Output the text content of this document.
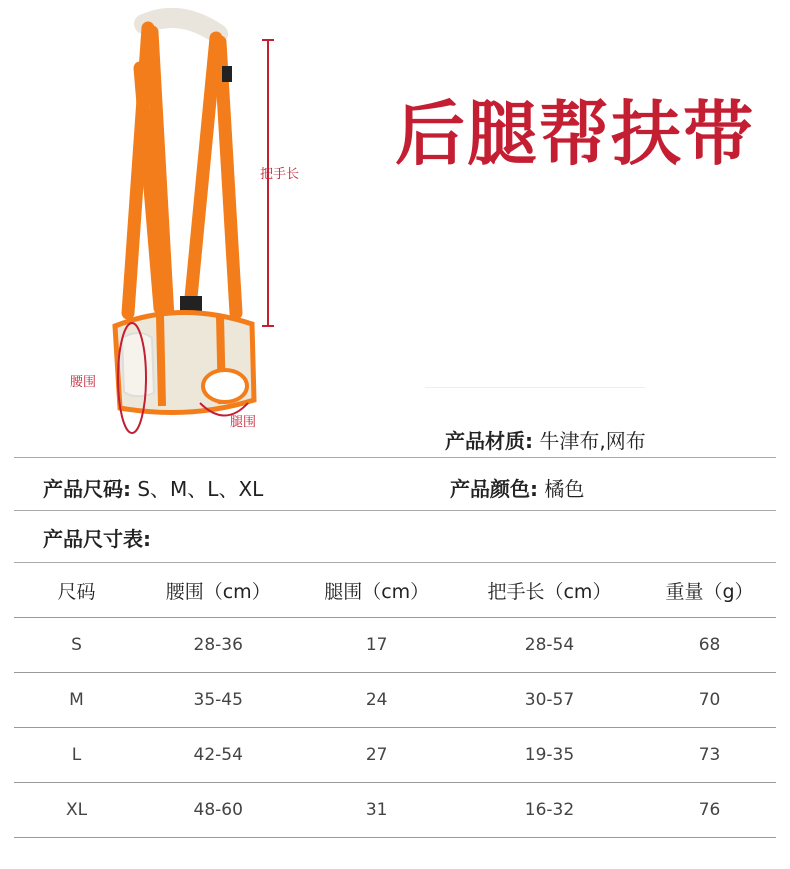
把手长
腰围
腿围
后腿帮扶带
产品材质: 牛津布,网布
产品尺码: S、M、L、XL	产品颜色: 橘色
产品尺寸表:
尺码	腰围（cm）	腿围（cm）	把手长（cm）	重量（g）
S	28-36	17	28-54	68
M	35-45	24	30-57	70
L	42-54	27	19-35	73
XL	48-60	31	16-32	76
